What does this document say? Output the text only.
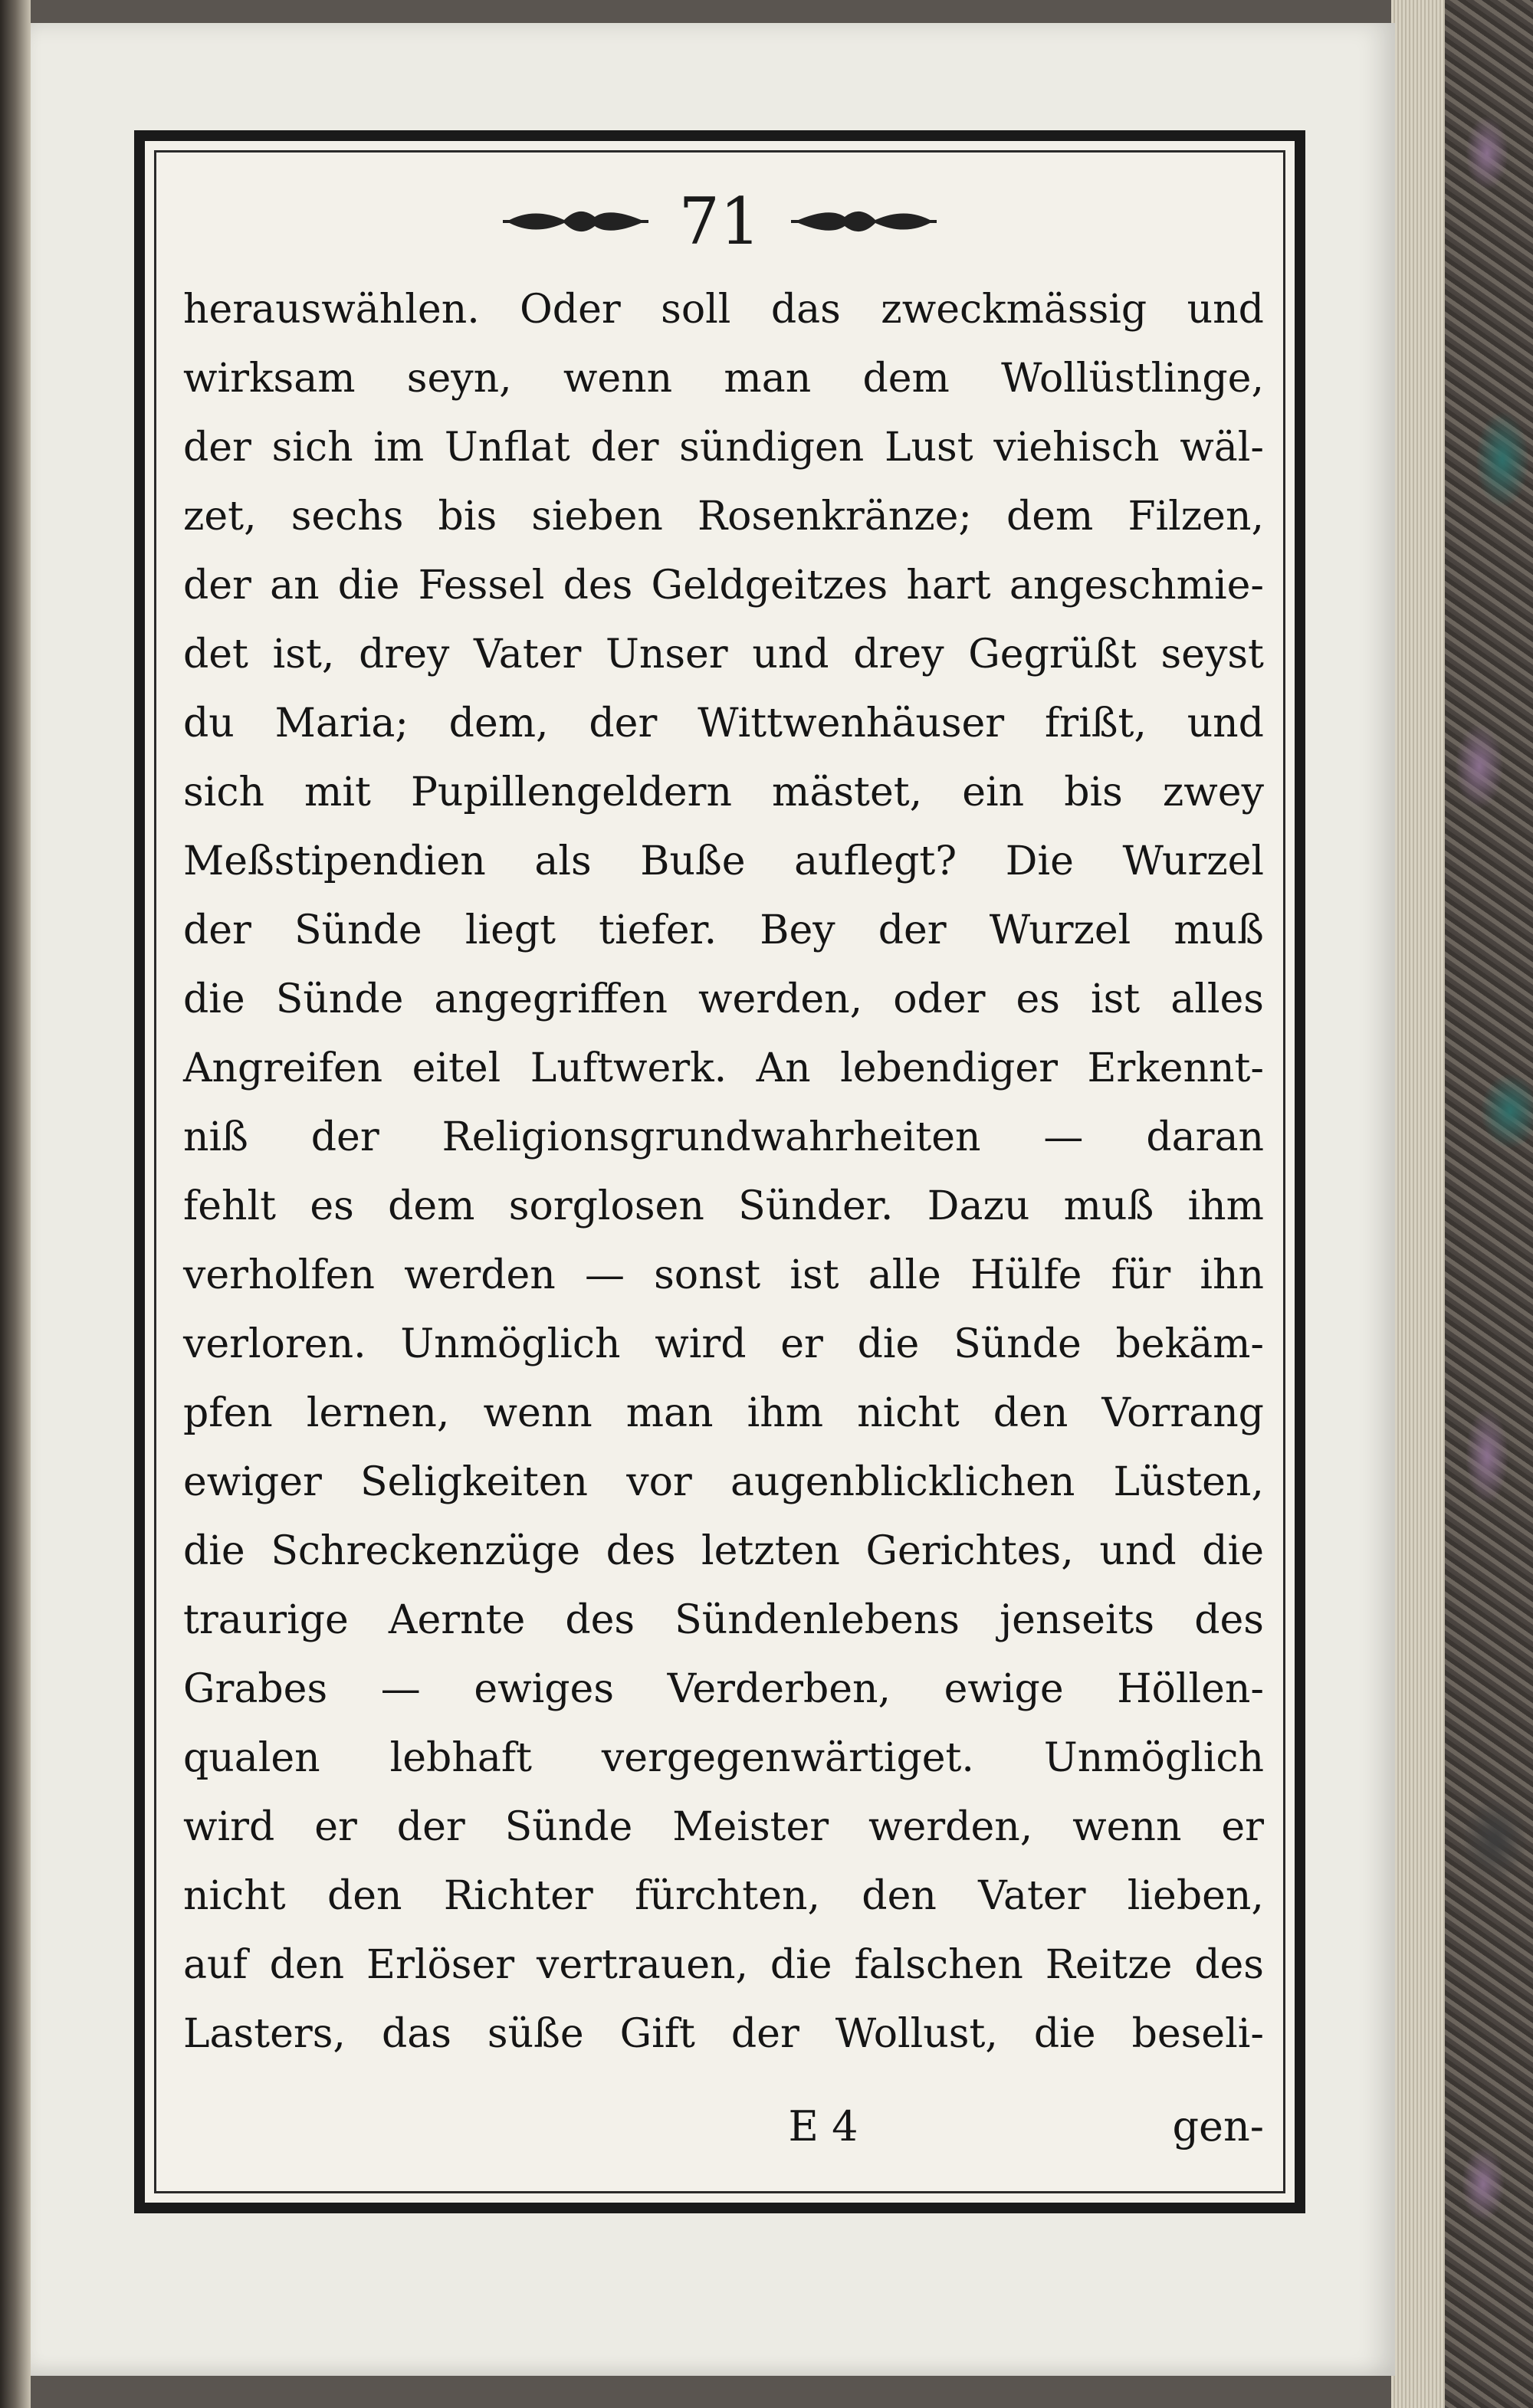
71
herauswählen. Oder soll das zweckmässig und
wirksam seyn, wenn man dem Wollüstlinge,
der sich im Unflat der sündigen Lust viehisch wäl-
zet, sechs bis sieben Rosenkränze; dem Filzen,
der an die Fessel des Geldgeitzes hart angeschmie-
det ist, drey Vater Unser und drey Gegrüßt seyst
du Maria; dem, der Wittwenhäuser frißt, und
sich mit Pupillengeldern mästet, ein bis zwey
Meßstipendien als Buße auflegt? Die Wurzel
der Sünde liegt tiefer. Bey der Wurzel muß
die Sünde angegriffen werden, oder es ist alles
Angreifen eitel Luftwerk. An lebendiger Erkennt-
niß der Religionsgrundwahrheiten — daran
fehlt es dem sorglosen Sünder. Dazu muß ihm
verholfen werden — sonst ist alle Hülfe für ihn
verloren. Unmöglich wird er die Sünde bekäm-
pfen lernen, wenn man ihm nicht den Vorrang
ewiger Seligkeiten vor augenblicklichen Lüsten,
die Schreckenzüge des letzten Gerichtes, und die
traurige Aernte des Sündenlebens jenseits des
Grabes — ewiges Verderben, ewige Höllen-
qualen lebhaft vergegenwärtiget. Unmöglich
wird er der Sünde Meister werden, wenn er
nicht den Richter fürchten, den Vater lieben,
auf den Erlöser vertrauen, die falschen Reitze des
Lasters, das süße Gift der Wollust, die beseli-
E 4	gen-
